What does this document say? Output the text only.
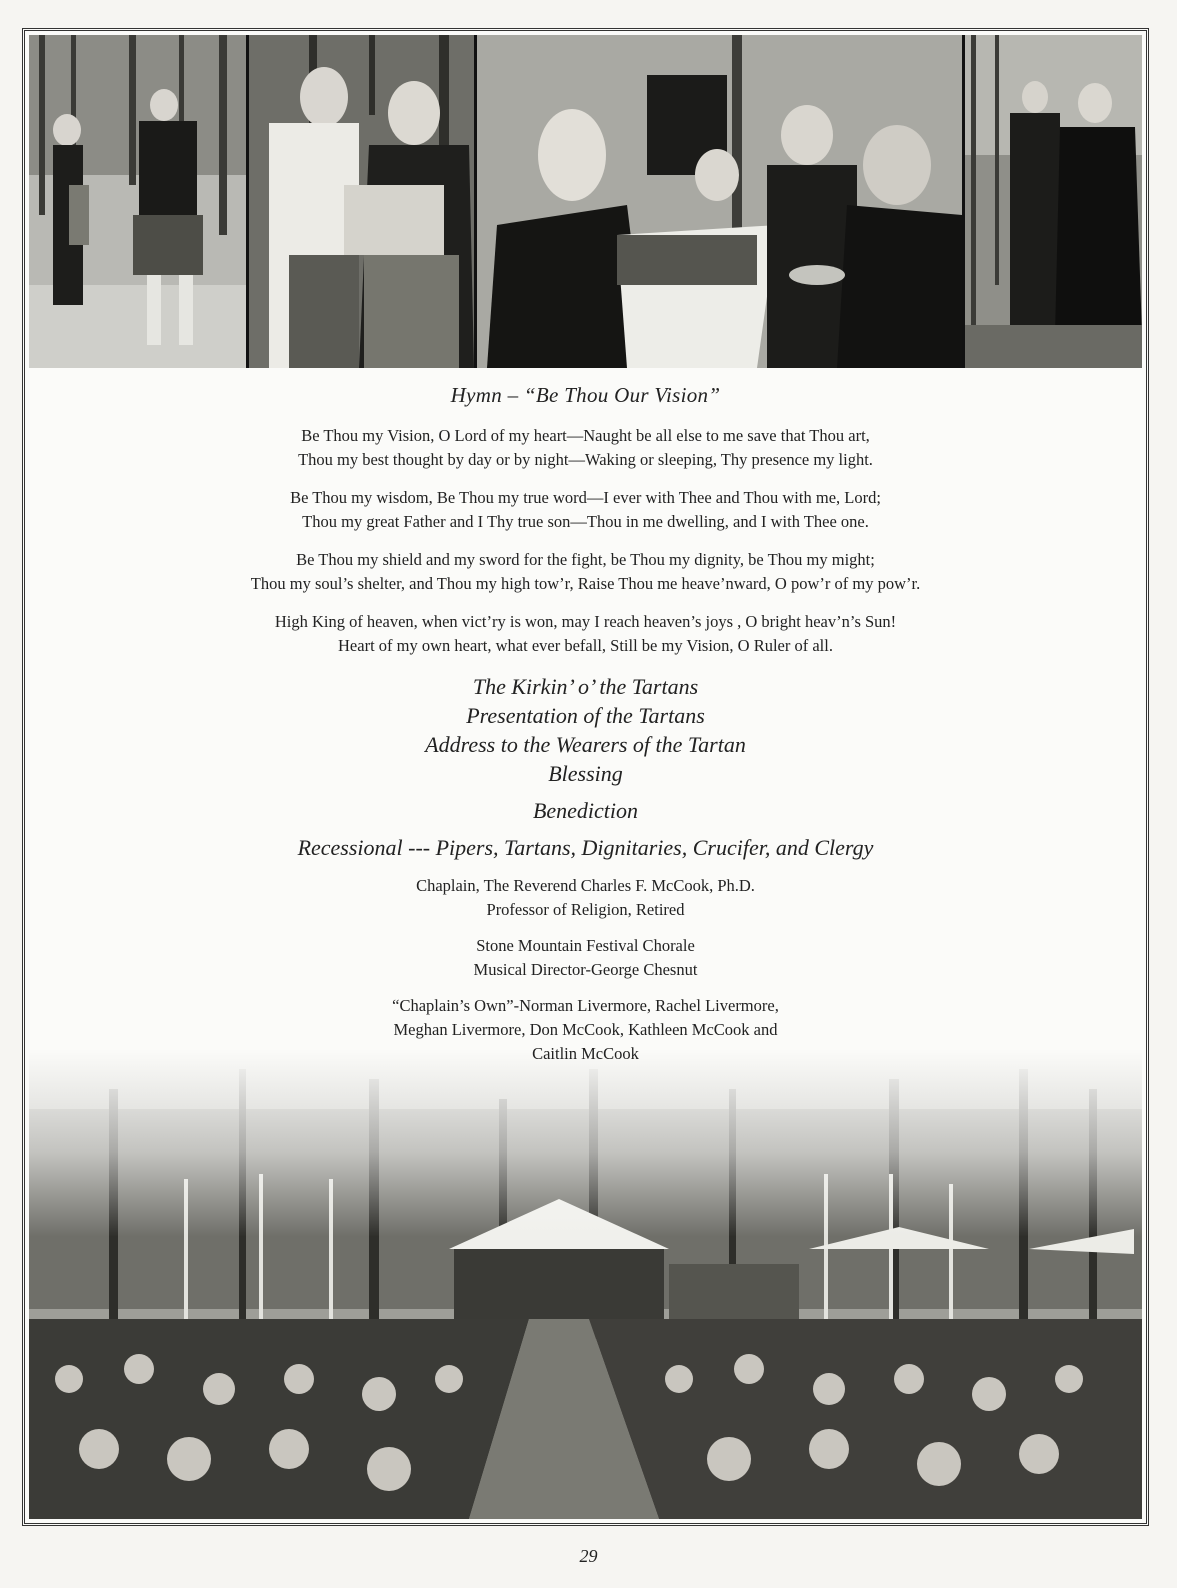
Hymn – “Be Thou Our Vision”

Be Thou my Vision, O Lord of my heart—Naught be all else to me save that Thou art,
Thou my best thought by day or by night—Waking or sleeping, Thy presence my light.
Be Thou my wisdom, Be Thou my true word—I ever with Thee and Thou with me, Lord;
Thou my great Father and I Thy true son—Thou in me dwelling, and I with Thee one.
Be Thou my shield and my sword for the fight, be Thou my dignity, be Thou my might;
Thou my soul’s shelter, and Thou my high tow’r, Raise Thou me heave’nward, O pow’r of my pow’r.
High King of heaven, when vict’ry is won, may I reach heaven’s joys , O bright heav’n’s Sun!
Heart of my own heart, what ever befall, Still be my Vision, O Ruler of all.
The Kirkin’ o’ the Tartans
Presentation of the Tartans
Address to the Wearers of the Tartan
Blessing
Benediction
Recessional --- Pipers, Tartans, Dignitaries, Crucifer, and Clergy
Chaplain, The Reverend Charles F. McCook, Ph.D.
Professor of Religion, Retired
Stone Mountain Festival Chorale
Musical Director-George Chesnut
“Chaplain’s Own”-Norman Livermore, Rachel Livermore,
Meghan Livermore, Don McCook, Kathleen McCook and
Caitlin McCook
29
